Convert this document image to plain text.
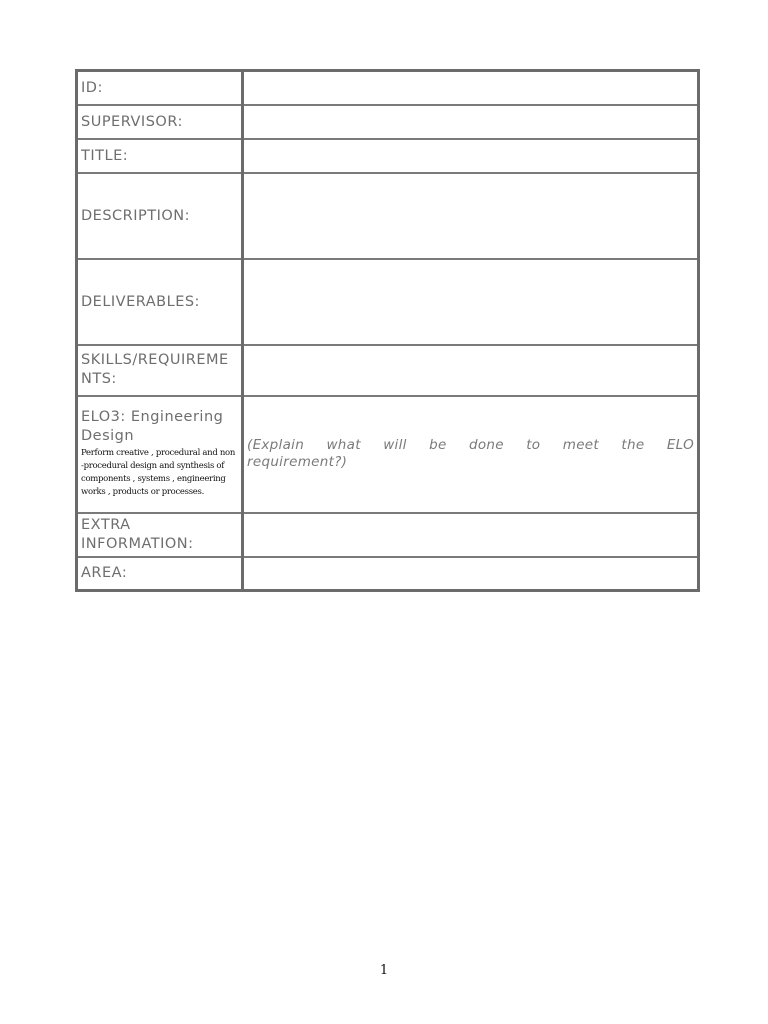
ID:	
SUPERVISOR:	
TITLE:	
DESCRIPTION:	
DELIVERABLES:	
SKILLS/REQUIREMENTS:	

ELO3: Engineering Design
Perform creative , procedural and non -procedural design and synthesis of components , systems , engineering works , products or processes.	(Explain what will be done to meet the ELO
requirement?)

EXTRA INFORMATION:	
AREA:	
1
